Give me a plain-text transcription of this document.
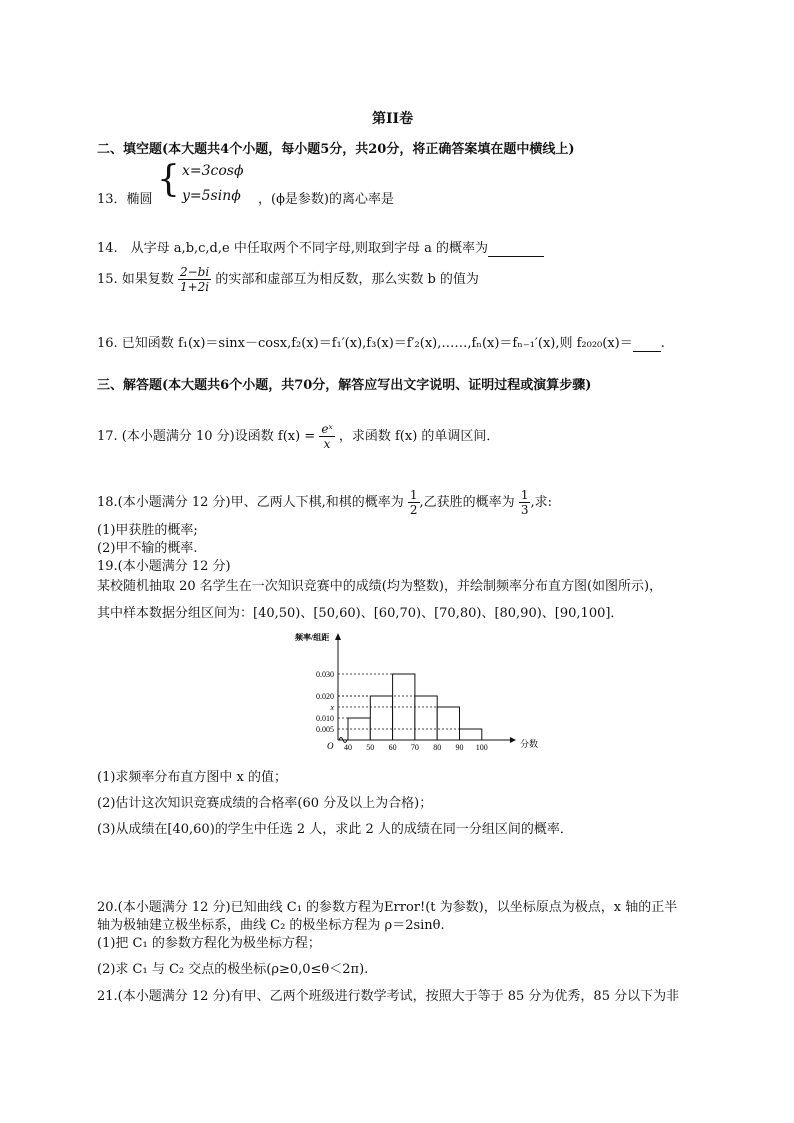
第II卷
二、填空题(本大题共4个小题，每小题5分，共20分，将正确答案填在题中横线上)
13．椭圆 { x=3cosϕ
y=5sinϕ ，(ϕ是参数)的离心率是
14.　从字母 a,b,c,d,e 中任取两个不同字母,则取到字母 a 的概率为
15. 如果复数 $\frac{2-bi}{1+2i}$ 的实部和虚部互为相反数，那么实数 b 的值为
16. 已知函数 f₁(x)＝sinx－cosx,f₂(x)＝f₁′(x),f₃(x)＝f′₂(x),……,fₙ(x)＝fₙ₋₁′(x),则 f₂₀₂₀(x)＝ .
三、解答题(本大题共6个小题，共70分，解答应写出文字说明、证明过程或演算步骤)
17. (本小题满分 10 分)设函数 $f(x) = \frac{\text{eˣ}}{x}$ ，求函数 f(x) 的单调区间．
18.(本小题满分 12 分)甲、乙两人下棋,和棋的概率为 $\frac{1}{2}$ ,乙获胜的概率为 $\frac{1}{3}$ ,求:
(1)甲获胜的概率;
(2)甲不输的概率.
19.(本小题满分 12 分)
某校随机抽取 20 名学生在一次知识竞赛中的成绩(均为整数)，并绘制频率分布直方图(如图所示)，
其中样本数据分组区间为：[40,50)、[50,60)、[60,70)、[70,80)、[80,90)、[90,100]．
频率/组距
分数
O
0.030
0.020
x
0.010
0.005
40 50 60 70 80 90 100
(1)求频率分布直方图中 x 的值；
(2)估计这次知识竞赛成绩的合格率(60 分及以上为合格)；
(3)从成绩在[40,60)的学生中任选 2 人，求此 2 人的成绩在同一分组区间的概率．
20.(本小题满分 12 分)已知曲线 C₁ 的参数方程为Error!(t 为参数)，以坐标原点为极点，x 轴的正半
轴为极轴建立极坐标系，曲线 C₂ 的极坐标方程为 ρ＝2sinθ.
(1)把 C₁ 的参数方程化为极坐标方程；
(2)求 C₁ 与 C₂ 交点的极坐标(ρ≥0,0≤θ＜2π).
21.(本小题满分 12 分)有甲、乙两个班级进行数学考试，按照大于等于 85 分为优秀，85 分以下为非
